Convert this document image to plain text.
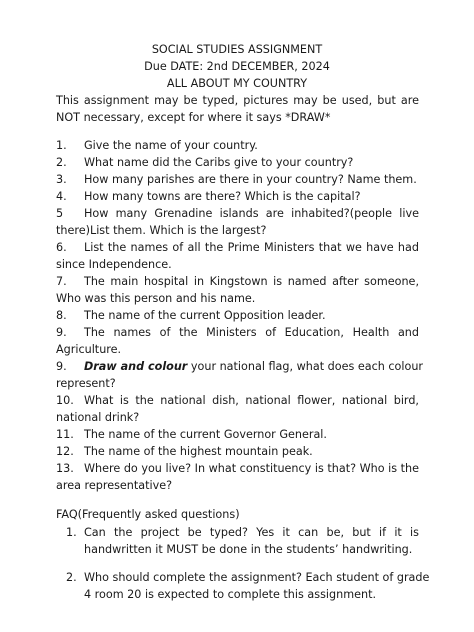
SOCIAL STUDIES ASSIGNMENT
Due DATE: 2nd DECEMBER, 2024
ALL ABOUT MY COUNTRY
This assignment may be typed, pictures may be used, but are
NOT necessary, except for where it says *DRAW*
1. Give the name of your country.
2. What name did the Caribs give to your country?
3. How many parishes are there in your country? Name them.
4. How many towns are there? Which is the capital?
5 How many Grenadine islands are inhabited?(people live
there)List them. Which is the largest?
6. List the names of all the Prime Ministers that we have had
since Independence.
7. The main hospital in Kingstown is named after someone,
Who was this person and his name.
8. The name of the current Opposition leader.
9. The names of the Ministers of Education, Health and
Agriculture.
9. Draw and colour your national flag, what does each colour
represent?
10. What is the national dish, national flower, national bird,
national drink?
11. The name of the current Governor General.
12. The name of the highest mountain peak.
13. Where do you live? In what constituency is that? Who is the
area representative?
FAQ(Frequently asked questions)
1. Can the project be typed? Yes it can be, but if it is
handwritten it MUST be done in the students’ handwriting.
2. Who should complete the assignment? Each student of grade
4 room 20 is expected to complete this assignment.
